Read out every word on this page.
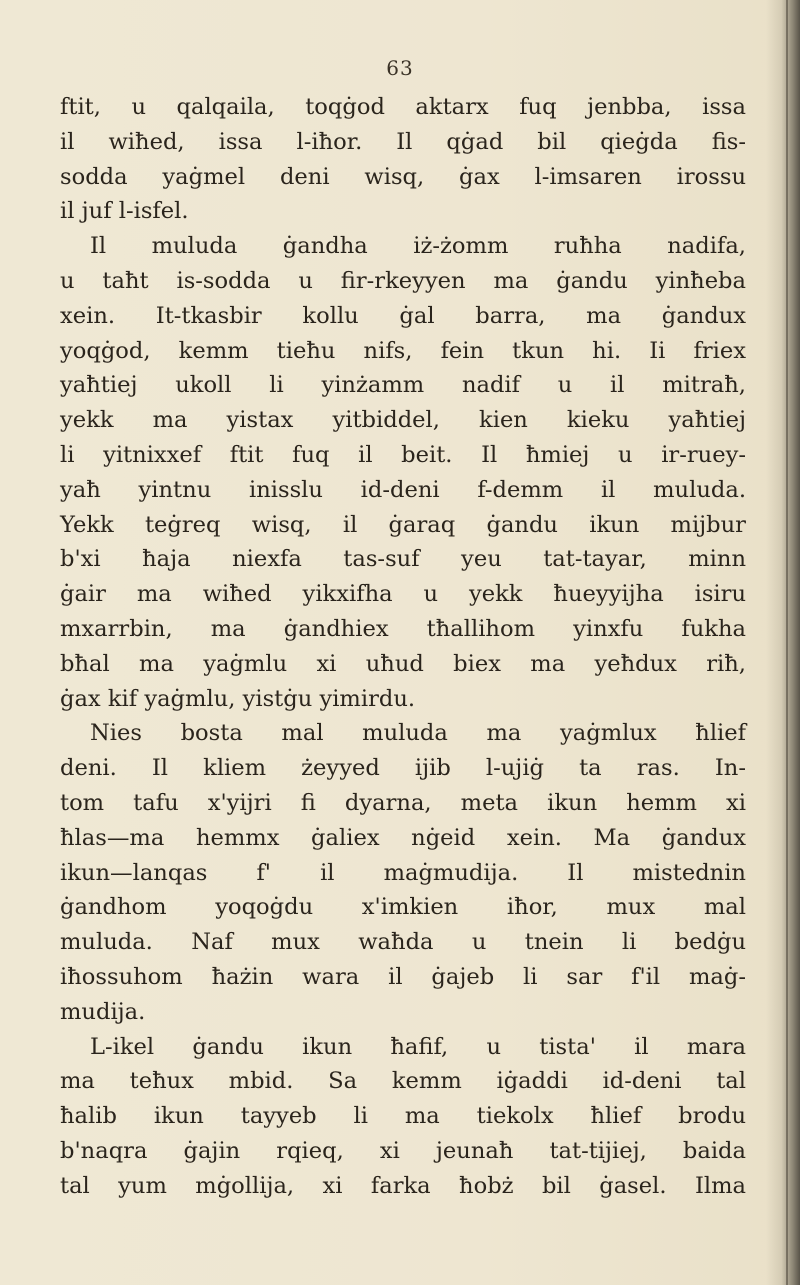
63
ftit, u qalqaila, toqġod aktarx fuq jenbba, issa
il wiħed, issa l-iħor. Il qġad bil qieġda fis-
sodda yaġmel deni wisq, ġax l-imsaren irossu
il juf l-isfel.
Il muluda ġandha iż-żomm ruħha nadifa,
u taħt is-sodda u fir-rkeyyen ma ġandu yinħeba
xein. It-tkasbir kollu ġal barra, ma ġandux
yoqġod, kemm tieħu nifs, fein tkun hi. Ii friex
yaħtiej ukoll li yinżamm nadif u il mitraħ,
yekk ma yistax yitbiddel, kien kieku yaħtiej
li yitnixxef ftit fuq il beit. Il ħmiej u ir-ruey-
yaħ yintnu inisslu id-deni f-demm il muluda.
Yekk teġreq wisq, il ġaraq ġandu ikun mijbur
b'xi ħaja niexfa tas-suf yeu tat-tayar, minn
ġair ma wiħed yikxifha u yekk ħueyyijha isiru
mxarrbin, ma ġandhiex tħallihom yinxfu fukha
bħal ma yaġmlu xi uħud biex ma yeħdux riħ,
ġax kif yaġmlu, yistġu yimirdu.
Nies bosta mal muluda ma yaġmlux ħlief
deni. Il kliem żeyyed ijib l-ujiġ ta ras. In-
tom tafu x'yijri fi dyarna, meta ikun hemm xi
ħlas—ma hemmx ġaliex nġeid xein. Ma ġandux
ikun—lanqas f' il maġmudija. Il mistednin
ġandhom yoqoġdu x'imkien iħor, mux mal
muluda. Naf mux waħda u tnein li bedġu
iħossuhom ħażin wara il ġajeb li sar f'il maġ-
mudija.
L-ikel ġandu ikun ħafif, u tista' il mara
ma teħux mbid. Sa kemm iġaddi id-deni tal
ħalib ikun tayyeb li ma tiekolx ħlief brodu
b'naqra ġajin rqieq, xi jeunaħ tat-tijiej, baida
tal yum mġollija, xi farka ħobż bil ġasel. Ilma
